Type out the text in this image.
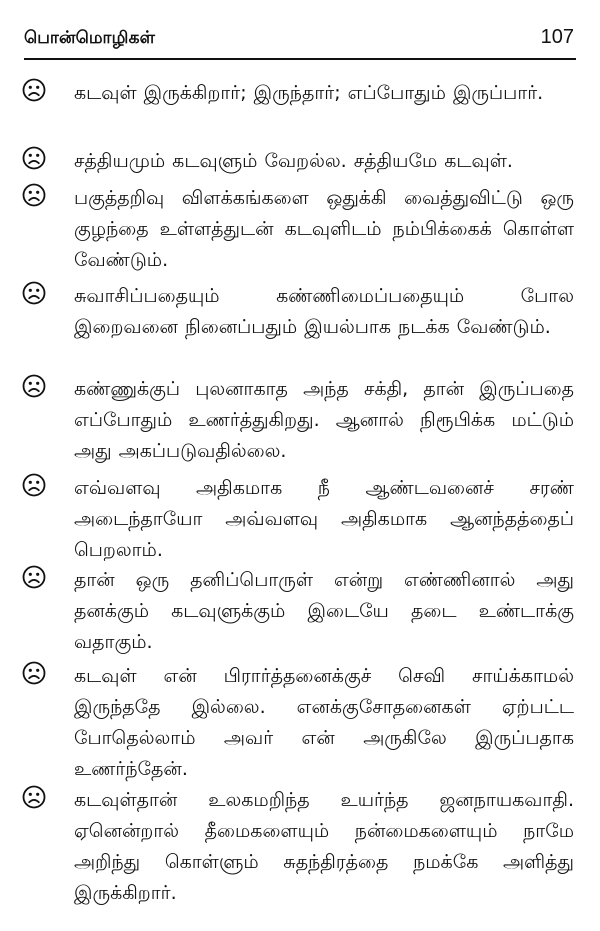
பொன்மொழிகள்	107
கடவுள் இருக்கிறார்; இருந்தார்; எப்போதும் இருப்பார்.
சத்தியமும் கடவுளும் வேறல்ல. சத்தியமே கடவுள்.
பகுத்தறிவு விளக்கங்களை ஒதுக்கி வைத்துவிட்டு ஒரு குழந்தை உள்ளத்துடன் கடவுளிடம் நம்பிக்கைக் கொள்ள வேண்டும்.
சுவாசிப்பதையும் கண்ணிமைப்பதையும் போல இறைவனை நினைப்பதும் இயல்பாக நடக்க வேண்டும்.
கண்ணுக்குப் புலனாகாத அந்த சக்தி, தான் இருப்பதை எப்போதும் உணர்த்துகிறது. ஆனால் நிரூபிக்க மட்டும் அது அகப்படுவதில்லை.
எவ்வளவு அதிகமாக நீ ஆண்டவனைச் சரண் அடைந்தாயோ அவ்வளவு அதிகமாக ஆனந்தத்தைப் பெறலாம்.
தான் ஒரு தனிப்பொருள் என்று எண்ணினால் அது தனக்கும் கடவுளுக்கும் இடையே தடை உண்டாக்கு வதாகும்.
கடவுள் என் பிரார்த்தனைக்குச் செவி சாய்க்காமல் இருந்ததே இல்லை. எனக்குசோதனைகள் ஏற்பட்ட போதெல்லாம் அவர் என் அருகிலே இருப்பதாக உணர்ந்தேன்.
கடவுள்தான் உலகமறிந்த உயர்ந்த ஜனநாயகவாதி. ஏனென்றால் தீமைகளையும் நன்மைகளையும் நாமே அறிந்து கொள்ளும் சுதந்திரத்தை நமக்கே அளித்து இருக்கிறார்.
